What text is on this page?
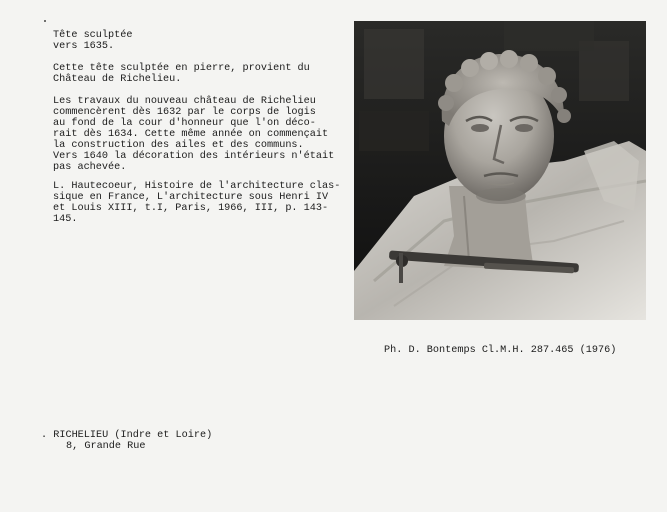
Tête sculptée
vers 1635.
Cette tête sculptée en pierre, provient du
Château de Richelieu.
Les travaux du nouveau château de Richelieu
commencèrent dès 1632 par le corps de logis
au fond de la cour d'honneur que l'on déco-
rait dès 1634. Cette même année on commençait
la construction des ailes et des communs.
Vers 1640 la décoration des intérieurs n'était
pas achevée.
L. Hautecoeur, Histoire de l'architecture clas-
sique en France, L'architecture sous Henri IV
et Louis XIII, t.I, Paris, 1966, III, p. 143-
145.
Ph. D. Bontemps Cl.M.H. 287.465 (1976)
. RICHELIEU (Indre et Loire)
8, Grande Rue
